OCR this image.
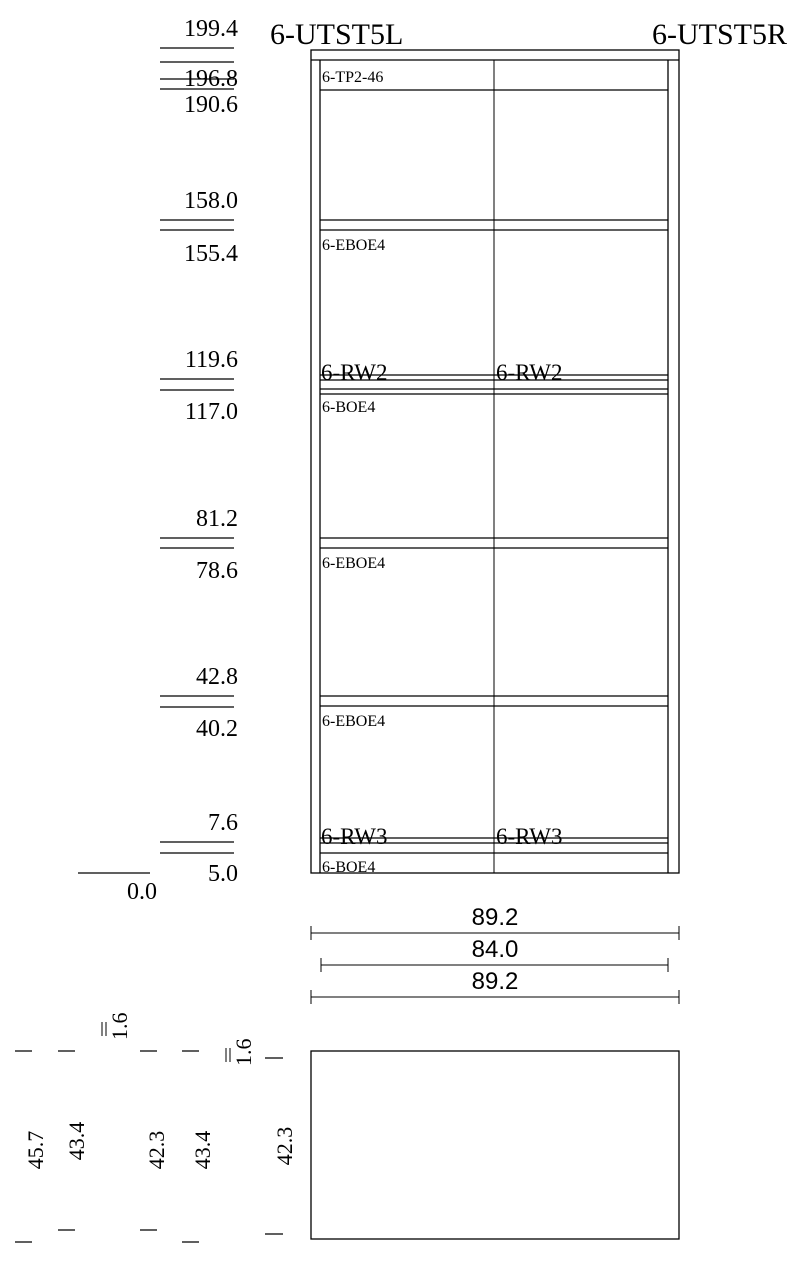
6-UTST5L	6-UTST5R
199.4
196.8
190.6
158.0
155.4
119.6
117.0
81.2
78.6
42.8
40.2
7.6
5.0
0.0
6-TP2-46
6-EBOE4
6-RW2	6-RW2
6-BOE4
6-EBOE4
6-EBOE4
6-RW3	6-RW3
6-BOE4
89.2
84.0
89.2
1.6
1.6
45.7 43.4	42.3 43.4	42.3
